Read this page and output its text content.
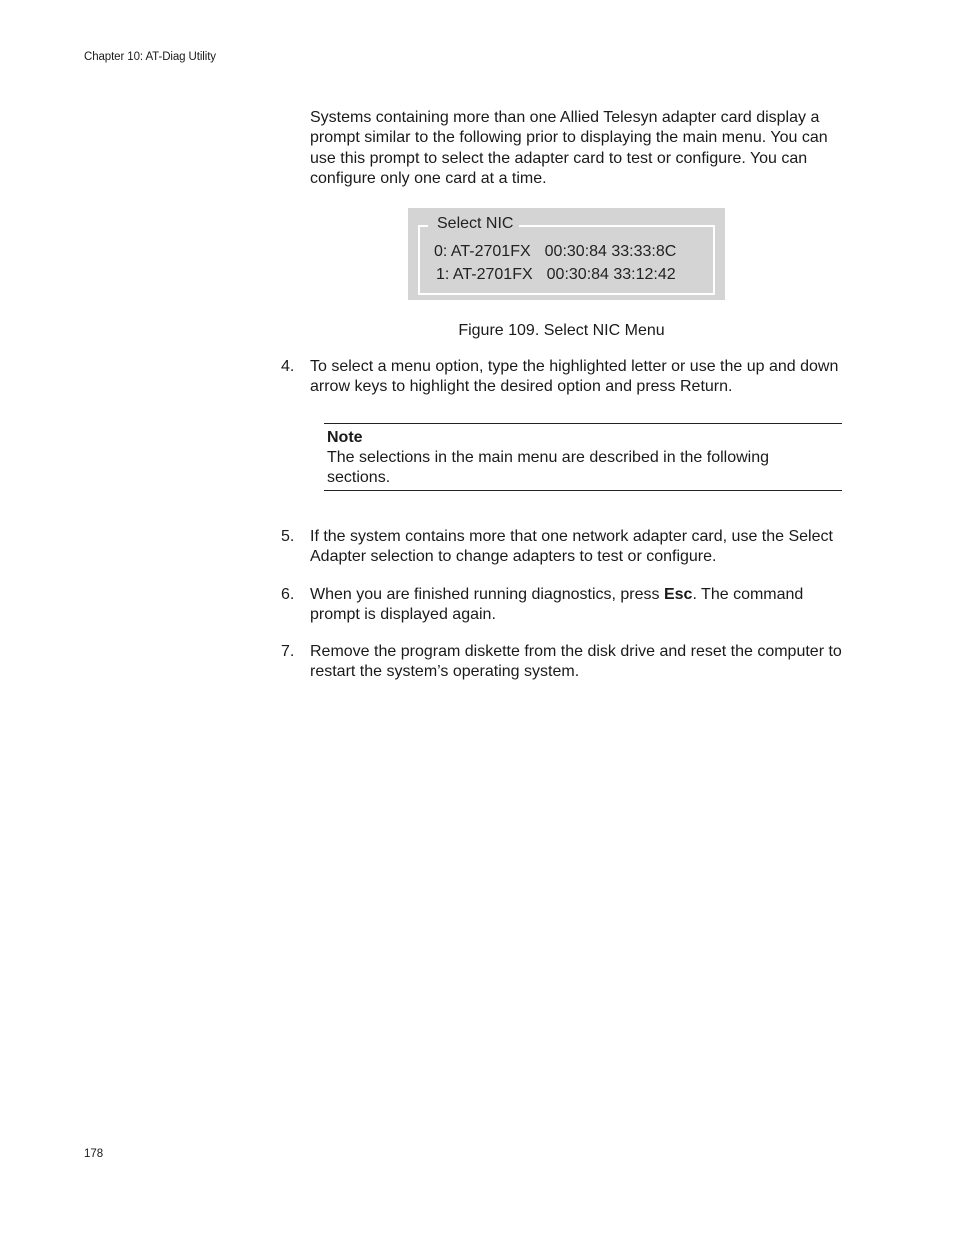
Chapter 10: AT-Diag Utility

Systems containing more than one Allied Telesyn adapter card display a prompt similar to the following prior to displaying the main menu. You can use this prompt to select the adapter card to test or configure. You can configure only one card at a time.

Select NIC
0: AT-2701FX 00:30:84 33:33:8C
1: AT-2701FX 00:30:84 33:12:42
Figure 109. Select NIC Menu
4. To select a menu option, type the highlighted letter or use the up and down arrow keys to highlight the desired option and press Return.
Note
The selections in the main menu are described in the following sections.
5. If the system contains more that one network adapter card, use the Select Adapter selection to change adapters to test or configure.
6. When you are finished running diagnostics, press Esc. The command prompt is displayed again.
7. Remove the program diskette from the disk drive and reset the computer to restart the system’s operating system.
178
